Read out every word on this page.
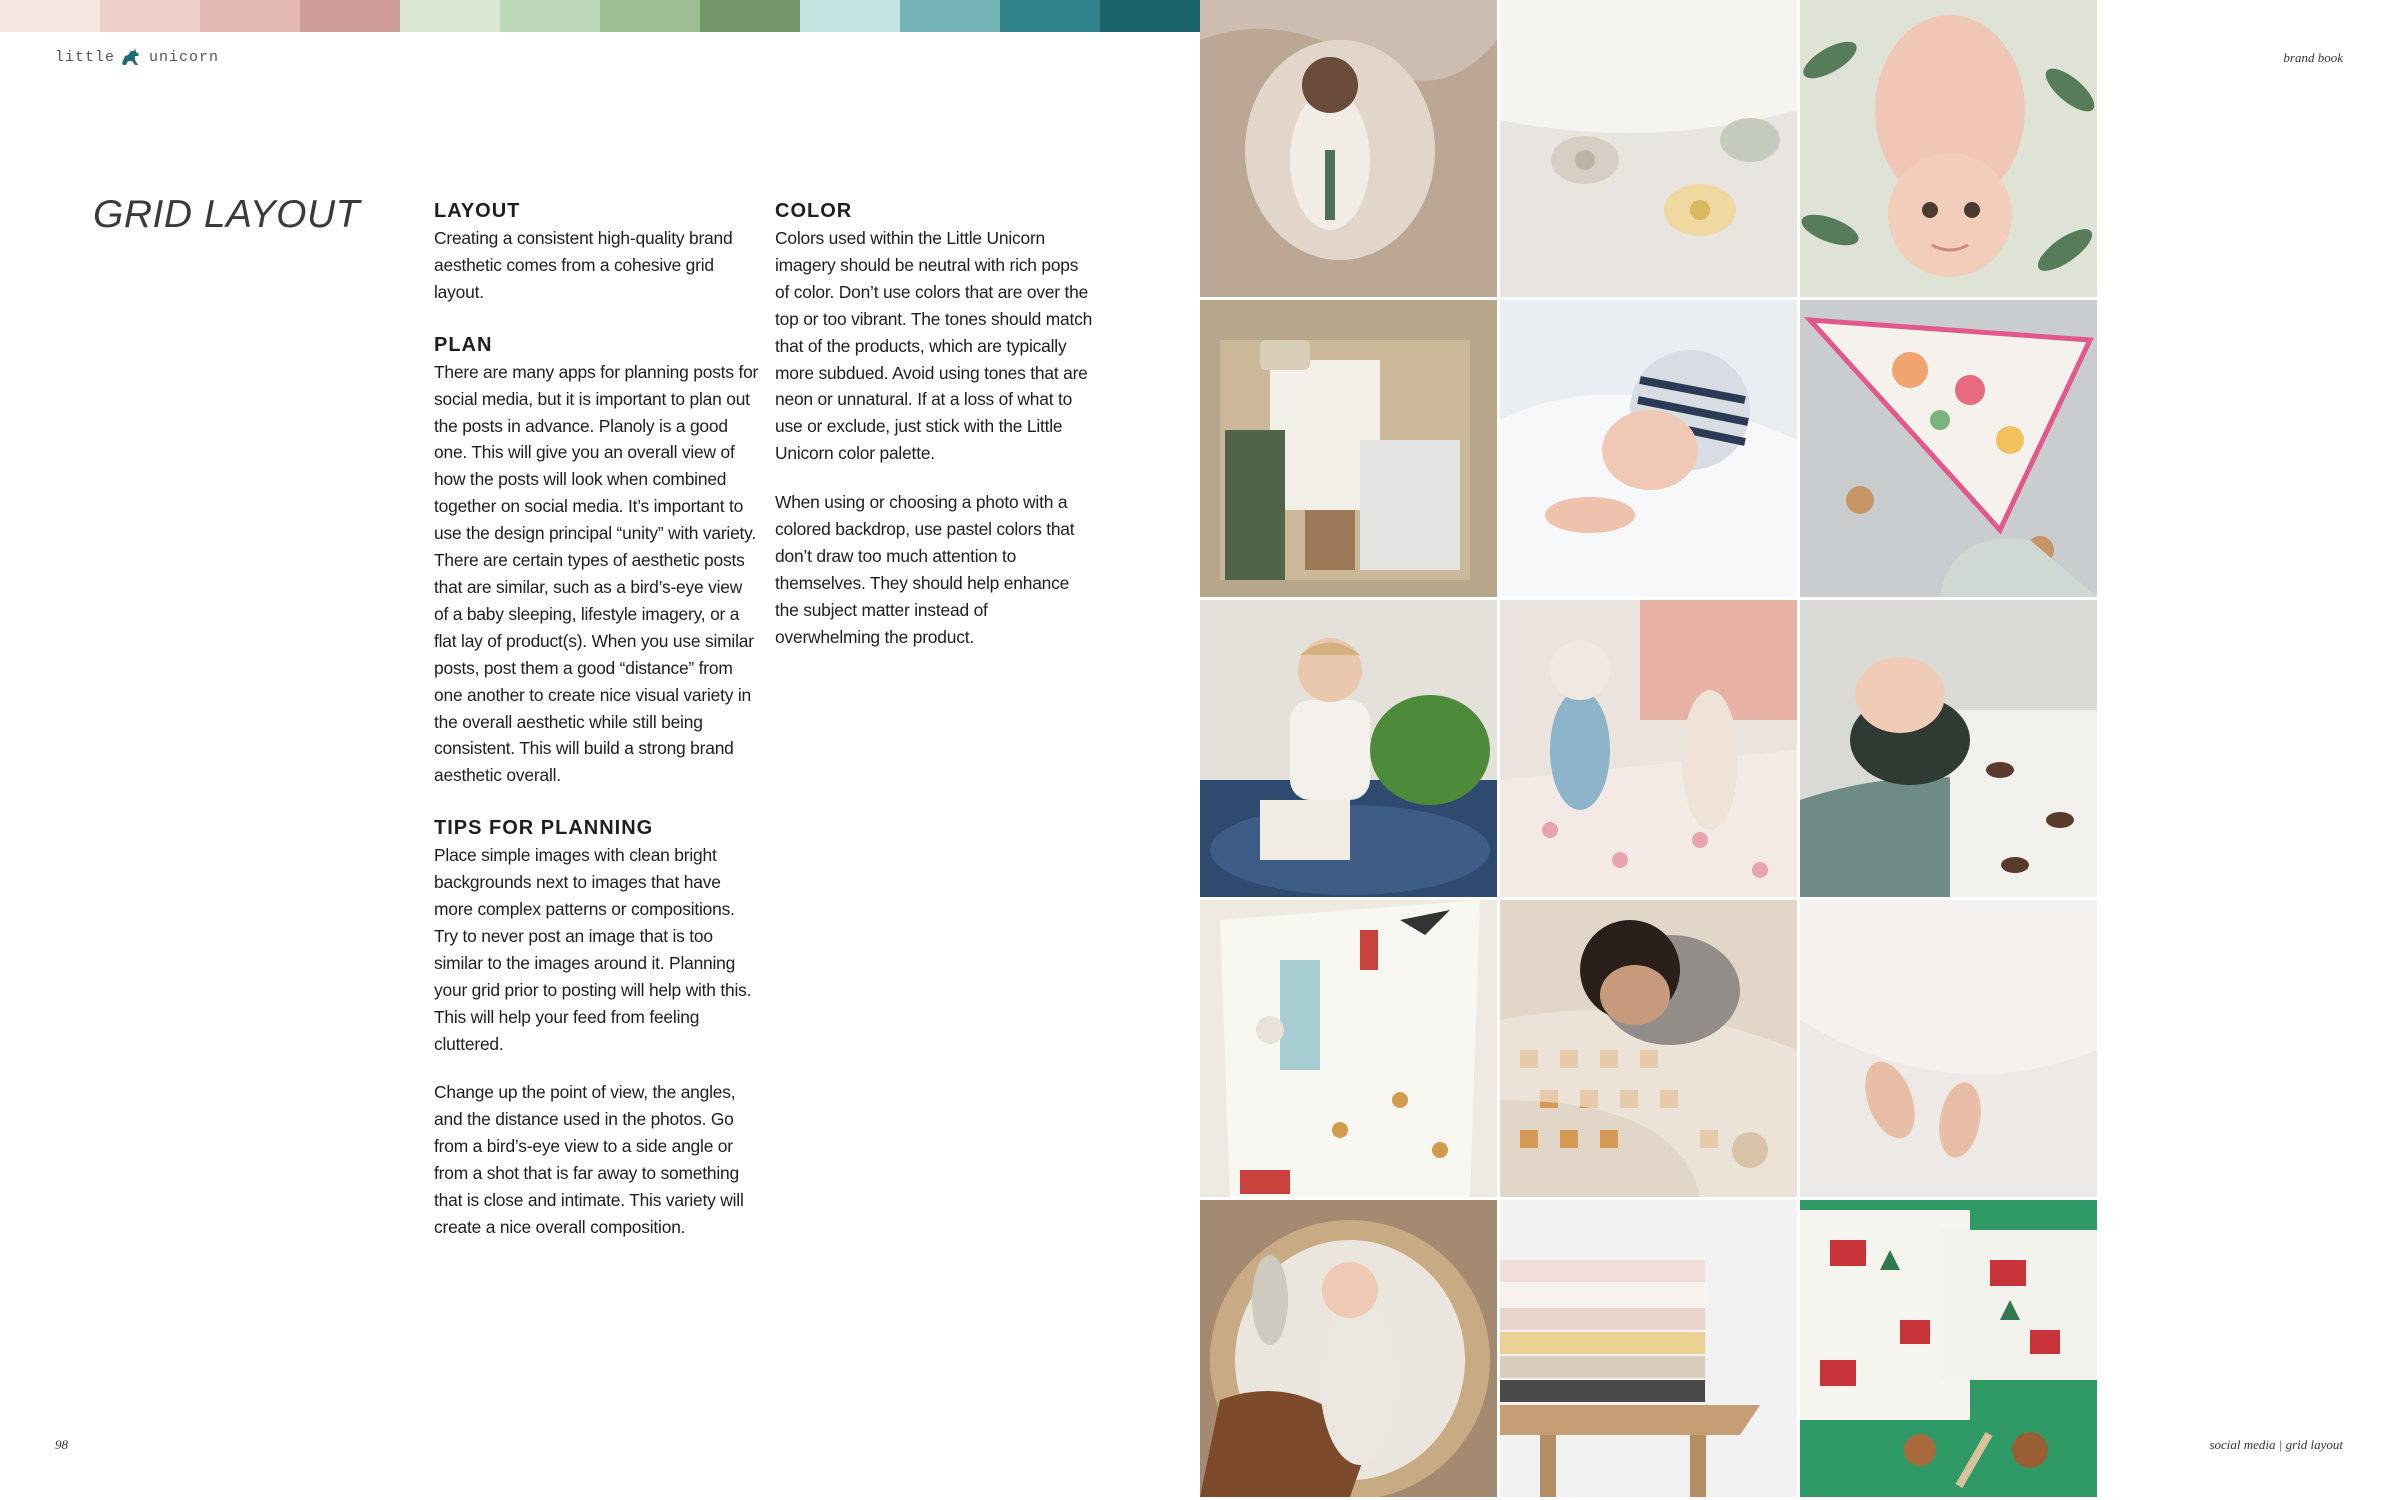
little unicorn	brand book
GRID LAYOUT	LAYOUT

Creating a consistent high-quality brand aesthetic comes from a cohesive grid layout.

PLAN

There are many apps for planning posts for social media, but it is important to plan out the posts in advance. Planoly is a good one. This will give you an overall view of how the posts will look when combined together on social media. It’s important to use the design principal “unity” with variety. There are certain types of aesthetic posts that are similar, such as a bird’s-eye view of a baby sleeping, lifestyle imagery, or a flat lay of product(s). When you use similar posts, post them a good “distance” from one another to create nice visual variety in the overall aesthetic while still being consistent. This will build a strong brand aesthetic overall.

TIPS FOR PLANNING

Place simple images with clean bright backgrounds next to images that have more complex patterns or compositions. Try to never post an image that is too similar to the images around it. Planning your grid prior to posting will help with this. This will help your feed from feeling cluttered.

Change up the point of view, the angles, and the distance used in the photos. Go from a bird’s-eye view to a side angle or from a shot that is far away to something that is close and intimate. This variety will create a nice overall composition.

COLOR

Colors used within the Little Unicorn imagery should be neutral with rich pops of color. Don’t use colors that are over the top or too vibrant. The tones should match that of the products, which are typically more subdued. Avoid using tones that are neon or unnatural. If at a loss of what to use or exclude, just stick with the Little Unicorn color palette.

When using or choosing a photo with a colored backdrop, use pastel colors that don’t draw too much attention to themselves. They should help enhance the subject matter instead of overwhelming the product.

98	social media | grid layout
